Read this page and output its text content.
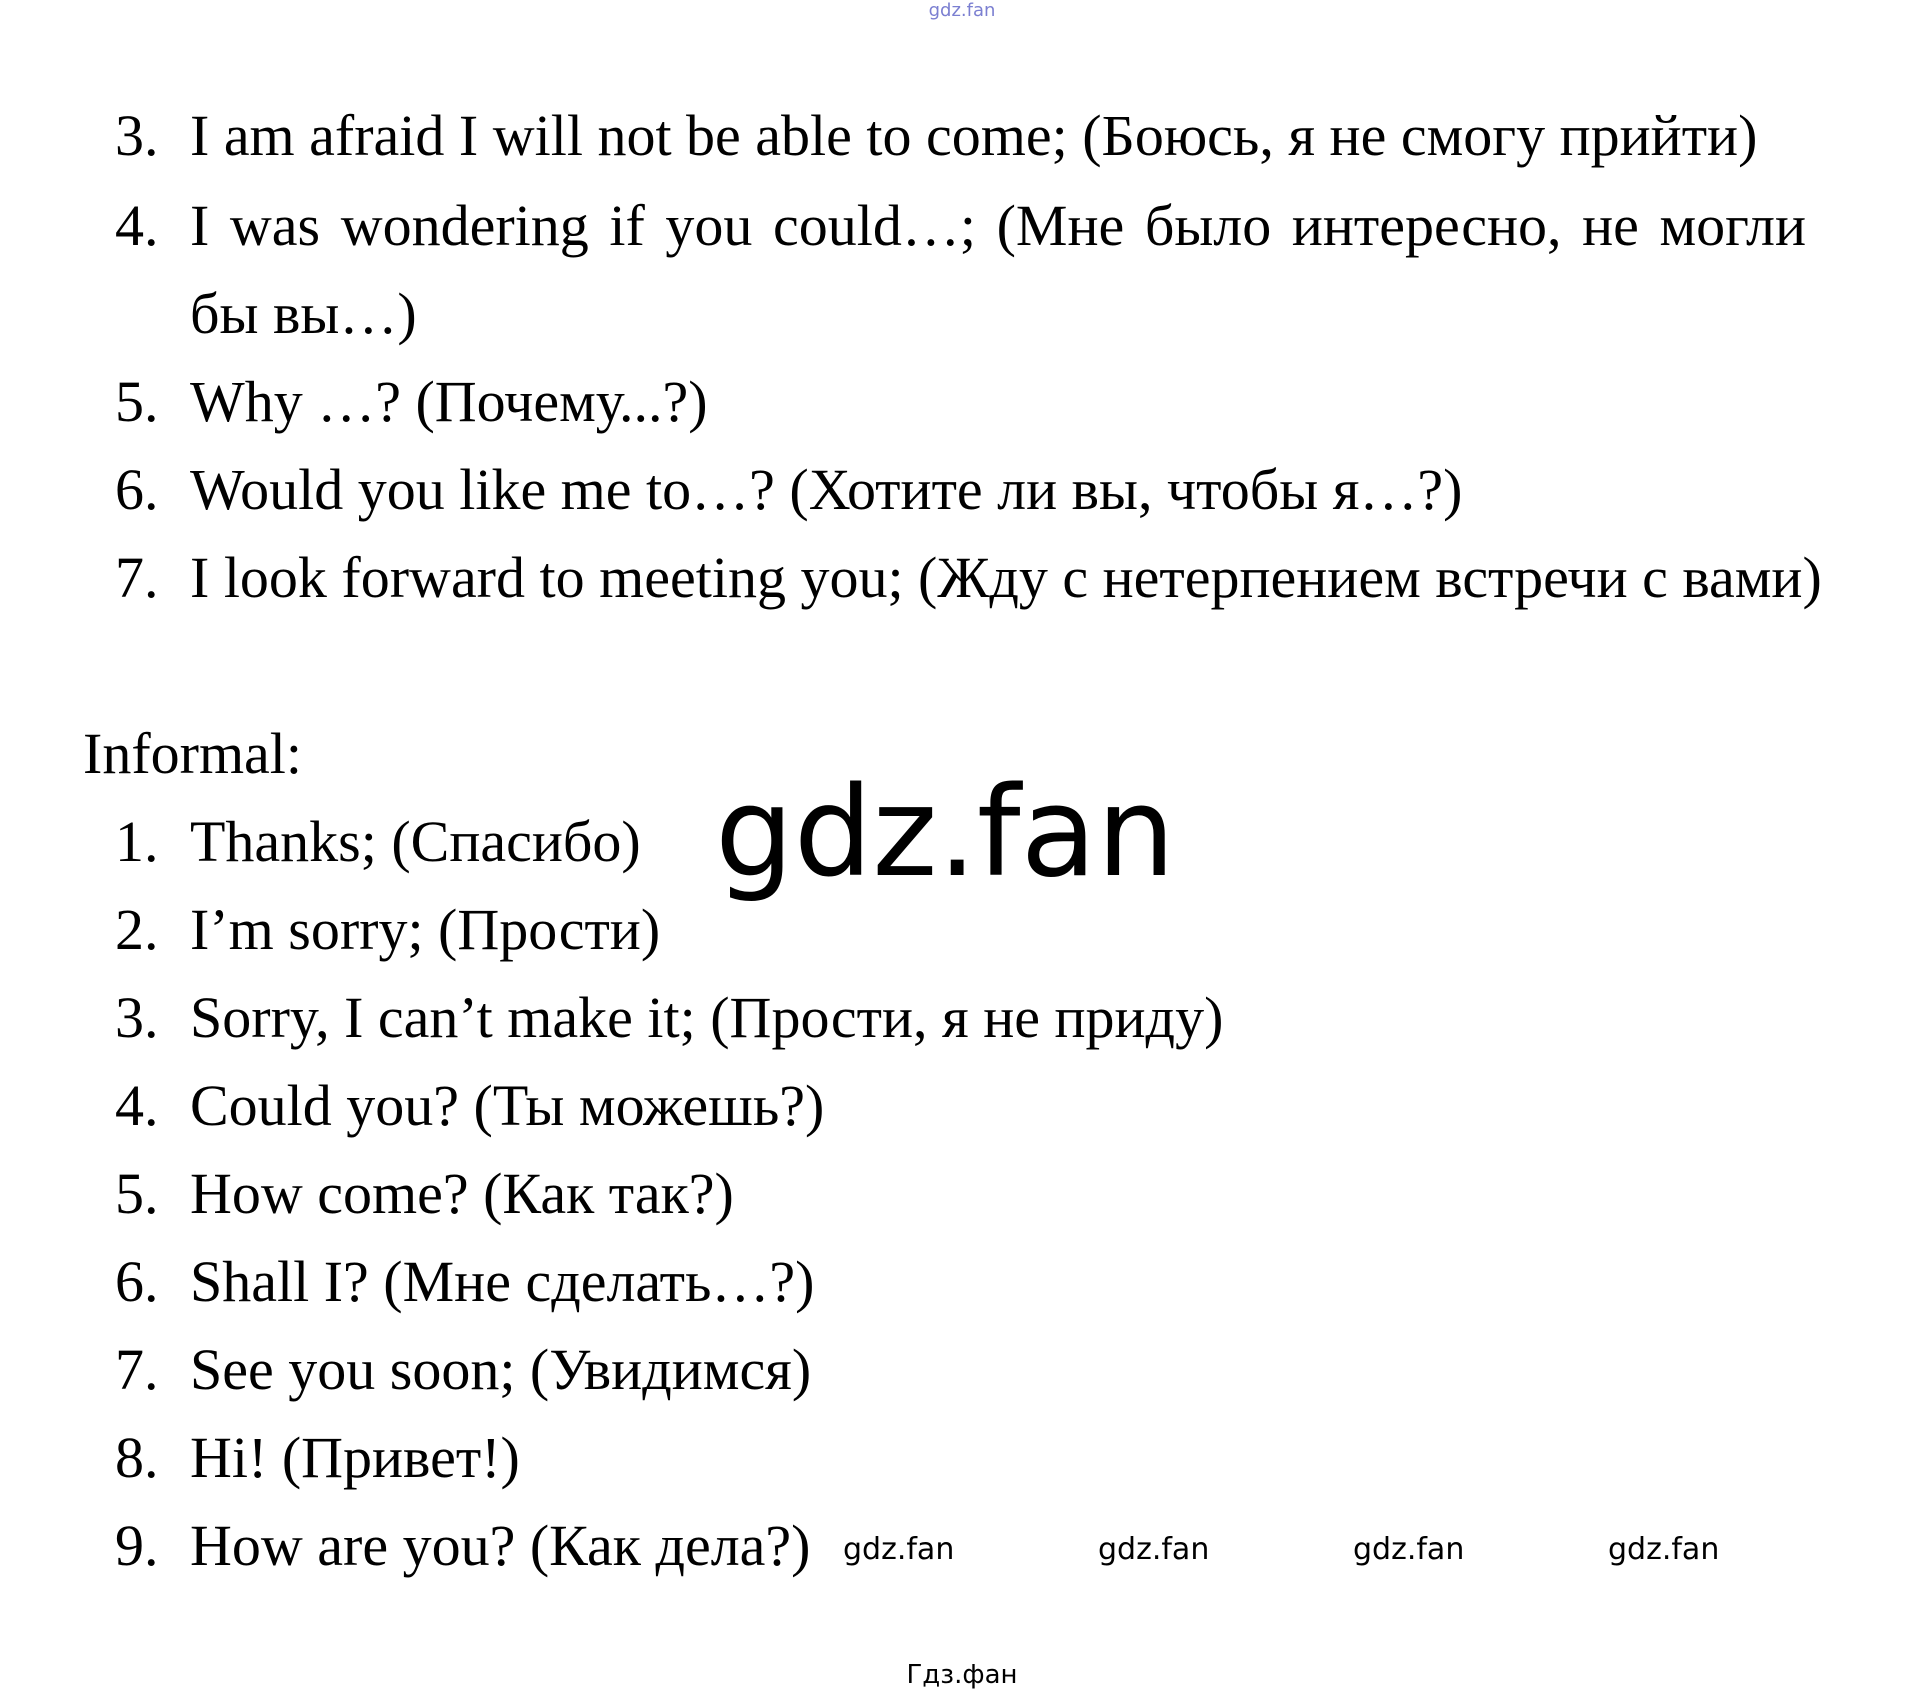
gdz.fan
3. I am afraid I will not be able to come; (Боюсь, я не смогу прийти)
4. I was wondering if you could…; (Мне было интересно, не могли
бы вы…)
5. Why …? (Почему...?)
6. Would you like me to…? (Хотите ли вы, чтобы я…?)
7. I look forward to meeting you; (Жду с нетерпением встречи с вами)
Informal:
1. Thanks; (Спасибо)
2. I’m sorry; (Прости)
3. Sorry, I can’t make it; (Прости, я не приду)
4. Could you? (Ты можешь?)
5. How come? (Как так?)
6. Shall I? (Мне сделать…?)
7. See you soon; (Увидимся)
8. Hi! (Привет!)
9. How are you? (Как дела?)
gdz.fan
gdz.fan	gdz.fan	gdz.fan	gdz.fan
Гдз.фан
